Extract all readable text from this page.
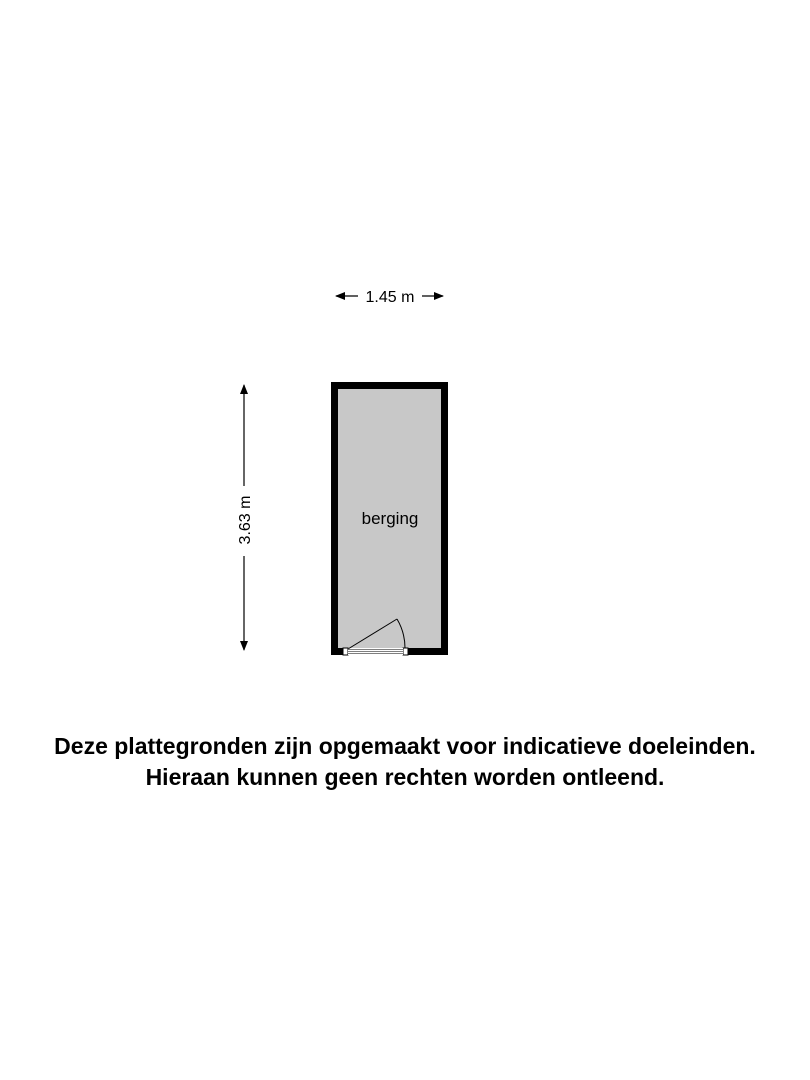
1.45 m
3.63 m	berging
Deze plattegronden zijn opgemaakt voor indicatieve doeleinden.
Hieraan kunnen geen rechten worden ontleend.
